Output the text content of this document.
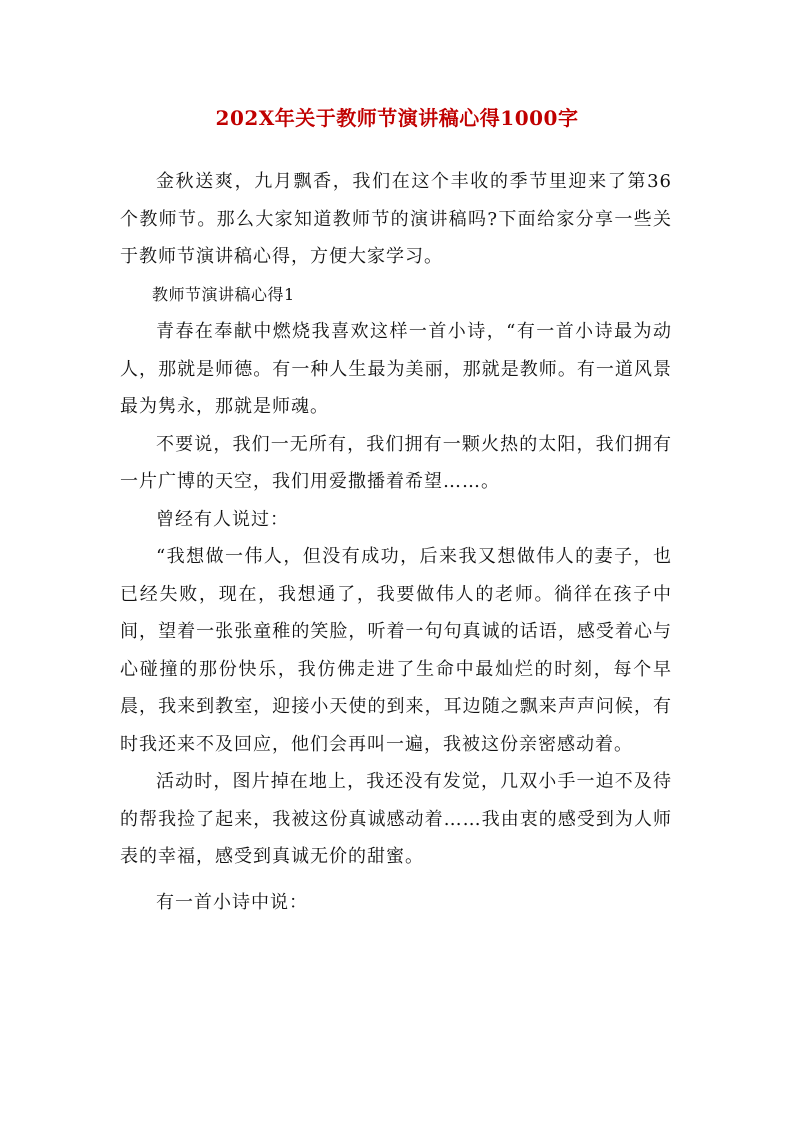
202X年关于教师节演讲稿心得1000字

金秋送爽，九月飘香，我们在这个丰收的季节里迎来了第36个教师节。那么大家知道教师节的演讲稿吗?下面给家分享一些关于教师节演讲稿心得，方便大家学习。

教师节演讲稿心得1

青春在奉献中燃烧我喜欢这样一首小诗，“有一首小诗最为动人，那就是师德。有一种人生最为美丽，那就是教师。有一道风景最为隽永，那就是师魂。

不要说，我们一无所有，我们拥有一颗火热的太阳，我们拥有一片广博的天空，我们用爱撒播着希望……。

曾经有人说过：

“我想做一伟人，但没有成功，后来我又想做伟人的妻子，也已经失败，现在，我想通了，我要做伟人的老师。徜徉在孩子中间，望着一张张童稚的笑脸，听着一句句真诚的话语，感受着心与心碰撞的那份快乐，我仿佛走进了生命中最灿烂的时刻，每个早晨，我来到教室，迎接小天使的到来，耳边随之飘来声声问候，有时我还来不及回应，他们会再叫一遍，我被这份亲密感动着。

活动时，图片掉在地上，我还没有发觉，几双小手一迫不及待的帮我捡了起来，我被这份真诚感动着……我由衷的感受到为人师表的幸福，感受到真诚无价的甜蜜。

有一首小诗中说：
